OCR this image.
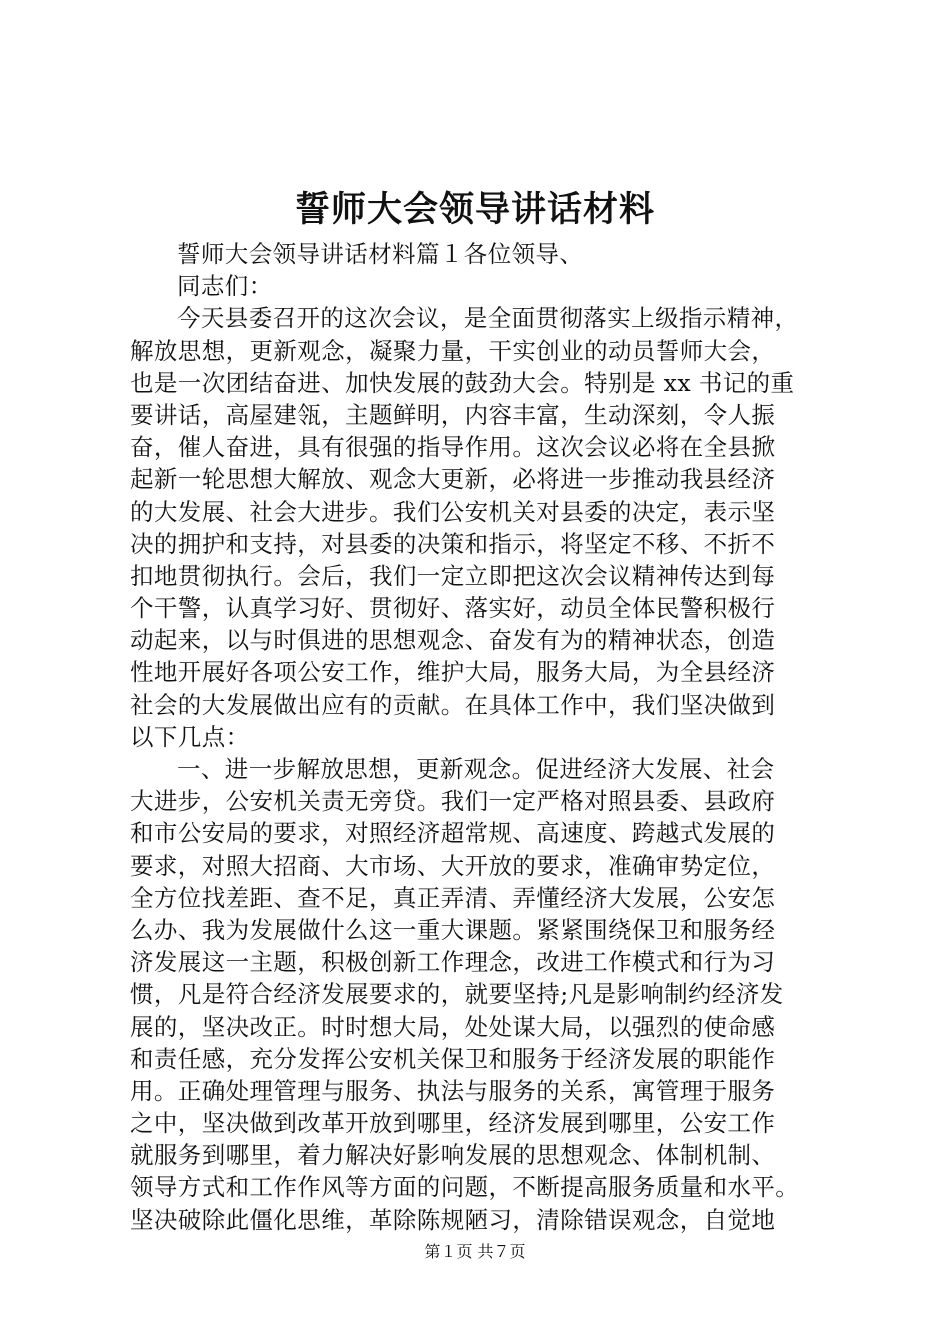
誓师大会领导讲话材料
誓师大会领导讲话材料篇１各位领导、
同志们：
今天县委召开的这次会议，是全面贯彻落实上级指示精神，
解放思想，更新观念，凝聚力量，干实创业的动员誓师大会，
也是一次团结奋进、加快发展的鼓劲大会。特别是 xx 书记的重
要讲话，高屋建瓴，主题鲜明，内容丰富，生动深刻，令人振
奋，催人奋进，具有很强的指导作用。这次会议必将在全县掀
起新一轮思想大解放、观念大更新，必将进一步推动我县经济
的大发展、社会大进步。我们公安机关对县委的决定，表示坚
决的拥护和支持，对县委的决策和指示，将坚定不移、不折不
扣地贯彻执行。会后，我们一定立即把这次会议精神传达到每
个干警，认真学习好、贯彻好、落实好，动员全体民警积极行
动起来，以与时俱进的思想观念、奋发有为的精神状态，创造
性地开展好各项公安工作，维护大局，服务大局，为全县经济
社会的大发展做出应有的贡献。在具体工作中，我们坚决做到
以下几点：
一、进一步解放思想，更新观念。促进经济大发展、社会
大进步，公安机关责无旁贷。我们一定严格对照县委、县政府
和市公安局的要求，对照经济超常规、高速度、跨越式发展的
要求，对照大招商、大市场、大开放的要求，准确审势定位，
全方位找差距、查不足，真正弄清、弄懂经济大发展，公安怎
么办、我为发展做什么这一重大课题。紧紧围绕保卫和服务经
济发展这一主题，积极创新工作理念，改进工作模式和行为习
惯，凡是符合经济发展要求的，就要坚持;凡是影响制约经济发
展的，坚决改正。时时想大局，处处谋大局，以强烈的使命感
和责任感，充分发挥公安机关保卫和服务于经济发展的职能作
用。正确处理管理与服务、执法与服务的关系，寓管理于服务
之中，坚决做到改革开放到哪里，经济发展到哪里，公安工作
就服务到哪里，着力解决好影响发展的思想观念、体制机制、
领导方式和工作作风等方面的问题，不断提高服务质量和水平。
坚决破除此僵化思维，革除陈规陋习，清除错误观念，自觉地
第１页 共７页
